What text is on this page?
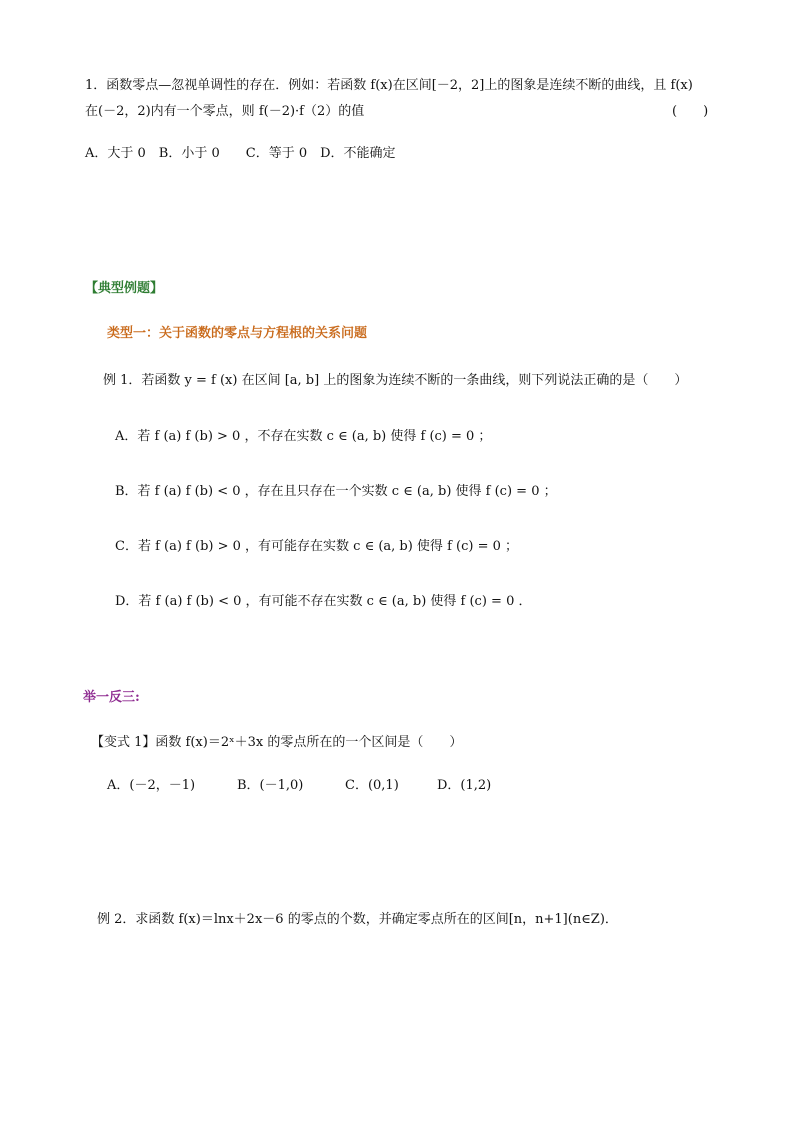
1．函数零点—忽视单调性的存在．例如：若函数 f(x)在区间[－2，2]上的图象是连续不断的曲线，且 f(x)
在(－2，2)内有一个零点，则 f(－2)·f（2）的值	(　　)
A．大于 0　B．小于 0　　C．等于 0　D．不能确定
【典型例题】
类型一：关于函数的零点与方程根的关系问题
例 1．若函数 y = f (x) 在区间 [a, b] 上的图象为连续不断的一条曲线，则下列说法正确的是（　　）
A．若 f (a) f (b) > 0 ，不存在实数 c ∈ (a, b) 使得 f (c) = 0 ；
B．若 f (a) f (b) < 0 ，存在且只存在一个实数 c ∈ (a, b) 使得 f (c) = 0 ；
C．若 f (a) f (b) > 0 ，有可能存在实数 c ∈ (a, b) 使得 f (c) = 0 ；
D．若 f (a) f (b) < 0 ，有可能不存在实数 c ∈ (a, b) 使得 f (c) = 0 ．
举一反三:
【变式 1】函数 f(x)＝2ˣ＋3x 的零点所在的一个区间是（　　）
A．(－2，－1)	B．(－1,0)	C．(0,1)	D．(1,2)
例 2．求函数 f(x)＝lnx＋2x－6 的零点的个数，并确定零点所在的区间[n，n+1](n∈Z)．
